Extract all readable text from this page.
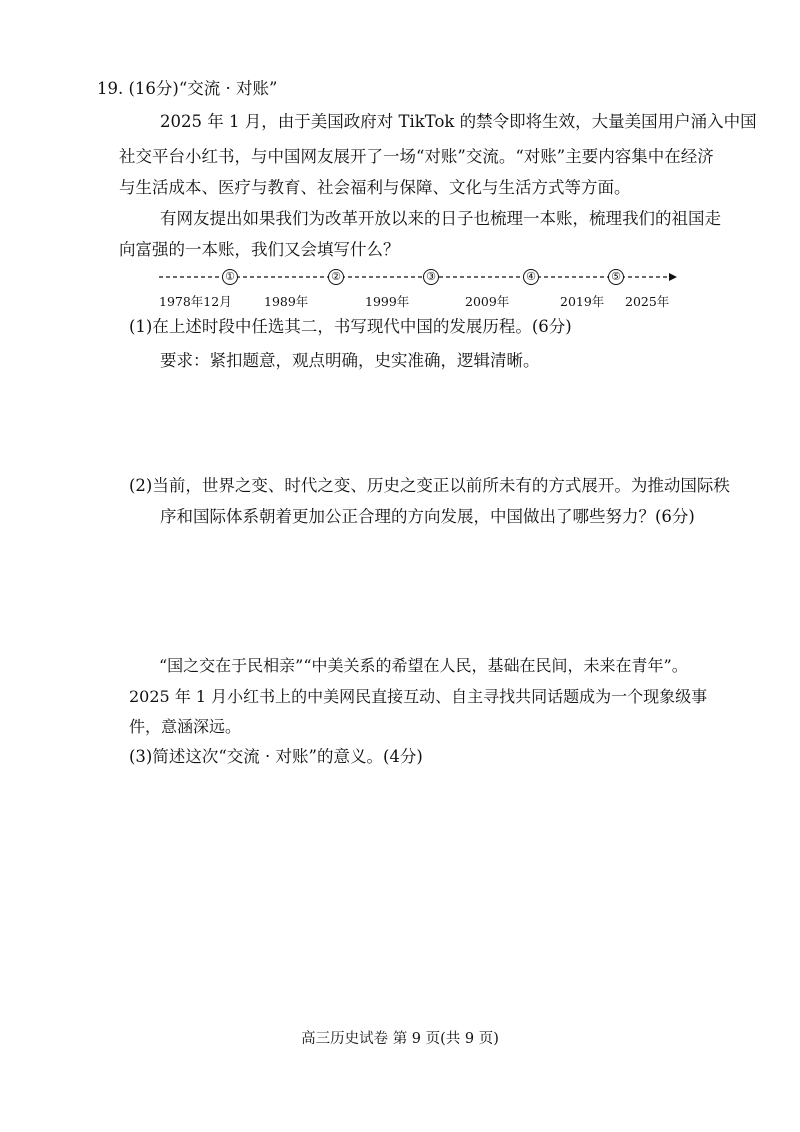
19. (16分)“交流 · 对账”
2025 年 1 月，由于美国政府对 TikTok 的禁令即将生效，大量美国用户涌入中国
社交平台小红书，与中国网友展开了一场“对账”交流。“对账”主要内容集中在经济
与生活成本、医疗与教育、社会福利与保障、文化与生活方式等方面。
有网友提出如果我们为改革开放以来的日子也梳理一本账，梳理我们的祖国走
向富强的一本账，我们又会填写什么？
①	②	③	④	⑤
1978年12月	1989年	1999年	2009年	2019年 2025年
(1)在上述时段中任选其二，书写现代中国的发展历程。(6分)
要求：紧扣题意，观点明确，史实准确，逻辑清晰。
(2)当前，世界之变、时代之变、历史之变正以前所未有的方式展开。为推动国际秩
序和国际体系朝着更加公正合理的方向发展，中国做出了哪些努力？(6分)
“国之交在于民相亲”“中美关系的希望在人民，基础在民间，未来在青年”。
2025 年 1 月小红书上的中美网民直接互动、自主寻找共同话题成为一个现象级事
件，意涵深远。
(3)简述这次“交流 · 对账”的意义。(4分)
高三历史试卷 第 9 页(共 9 页)
